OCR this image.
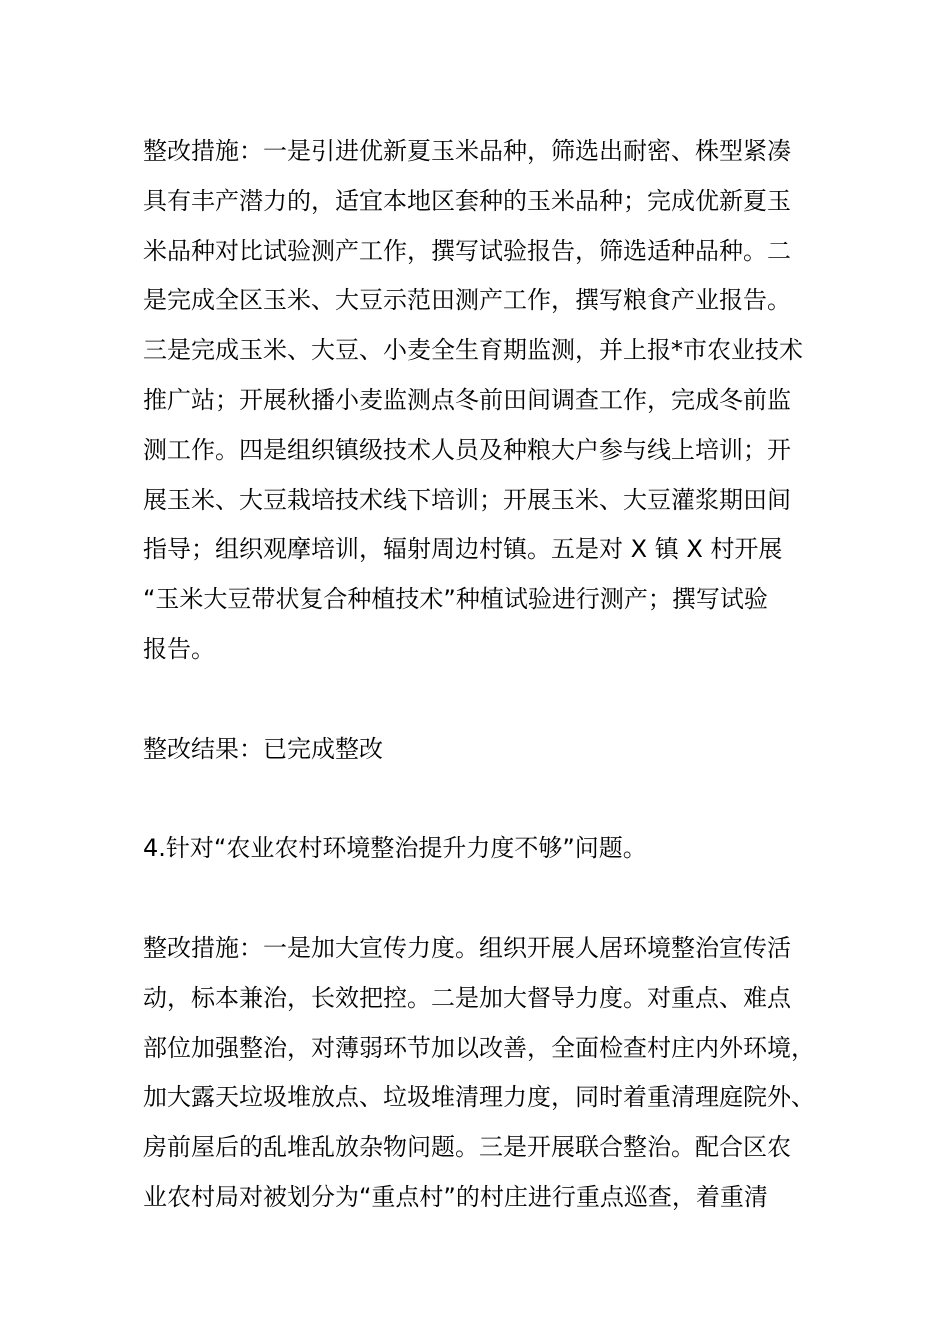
整改措施：一是引进优新夏玉米品种，筛选出耐密、株型紧凑
具有丰产潜力的，适宜本地区套种的玉米品种；完成优新夏玉
米品种对比试验测产工作，撰写试验报告，筛选适种品种。二
是完成全区玉米、大豆示范田测产工作，撰写粮食产业报告。
三是完成玉米、大豆、小麦全生育期监测，并上报*市农业技术
推广站；开展秋播小麦监测点冬前田间调查工作，完成冬前监
测工作。四是组织镇级技术人员及种粮大户参与线上培训；开
展玉米、大豆栽培技术线下培训；开展玉米、大豆灌浆期田间
指导；组织观摩培训，辐射周边村镇。五是对 X 镇 X 村开展
“玉米大豆带状复合种植技术”种植试验进行测产；撰写试验
报告。
整改结果：已完成整改
4.针对“农业农村环境整治提升力度不够”问题。
整改措施：一是加大宣传力度。组织开展人居环境整治宣传活
动，标本兼治，长效把控。二是加大督导力度。对重点、难点
部位加强整治，对薄弱环节加以改善，全面检查村庄内外环境，
加大露天垃圾堆放点、垃圾堆清理力度，同时着重清理庭院外、
房前屋后的乱堆乱放杂物问题。三是开展联合整治。配合区农
业农村局对被划分为“重点村”的村庄进行重点巡查，着重清
